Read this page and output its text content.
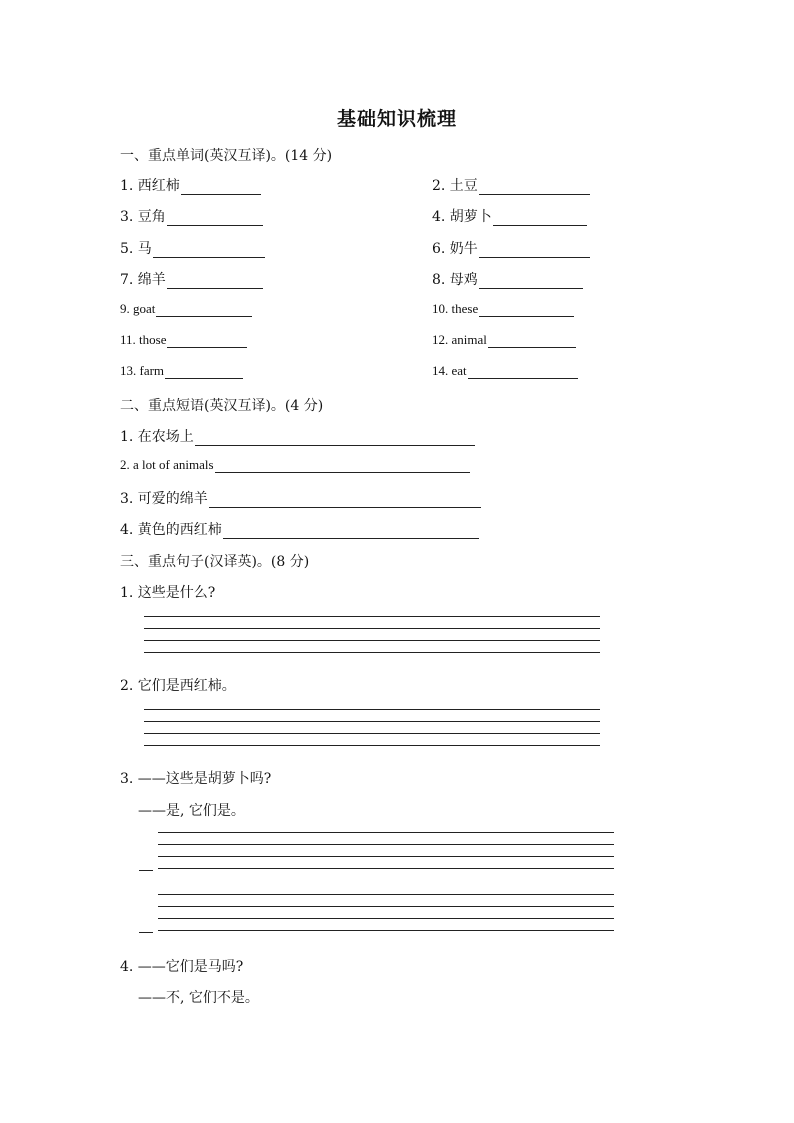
基础知识梳理
一、重点单词(英汉互译)。(14 分)
1. 西红柿	2. 土豆
3. 豆角	4. 胡萝卜
5. 马	6. 奶牛
7. 绵羊	8. 母鸡
9. goat	10. these
11. those	12. animal
13. farm	14. eat
二、重点短语(英汉互译)。(4 分)
1. 在农场上
2. a lot of animals
3. 可爱的绵羊
4. 黄色的西红柿
三、重点句子(汉译英)。(8 分)
1. 这些是什么?
2. 它们是西红柿。
3. ——这些是胡萝卜吗?
——是, 它们是。
4. ——它们是马吗?
——不, 它们不是。
